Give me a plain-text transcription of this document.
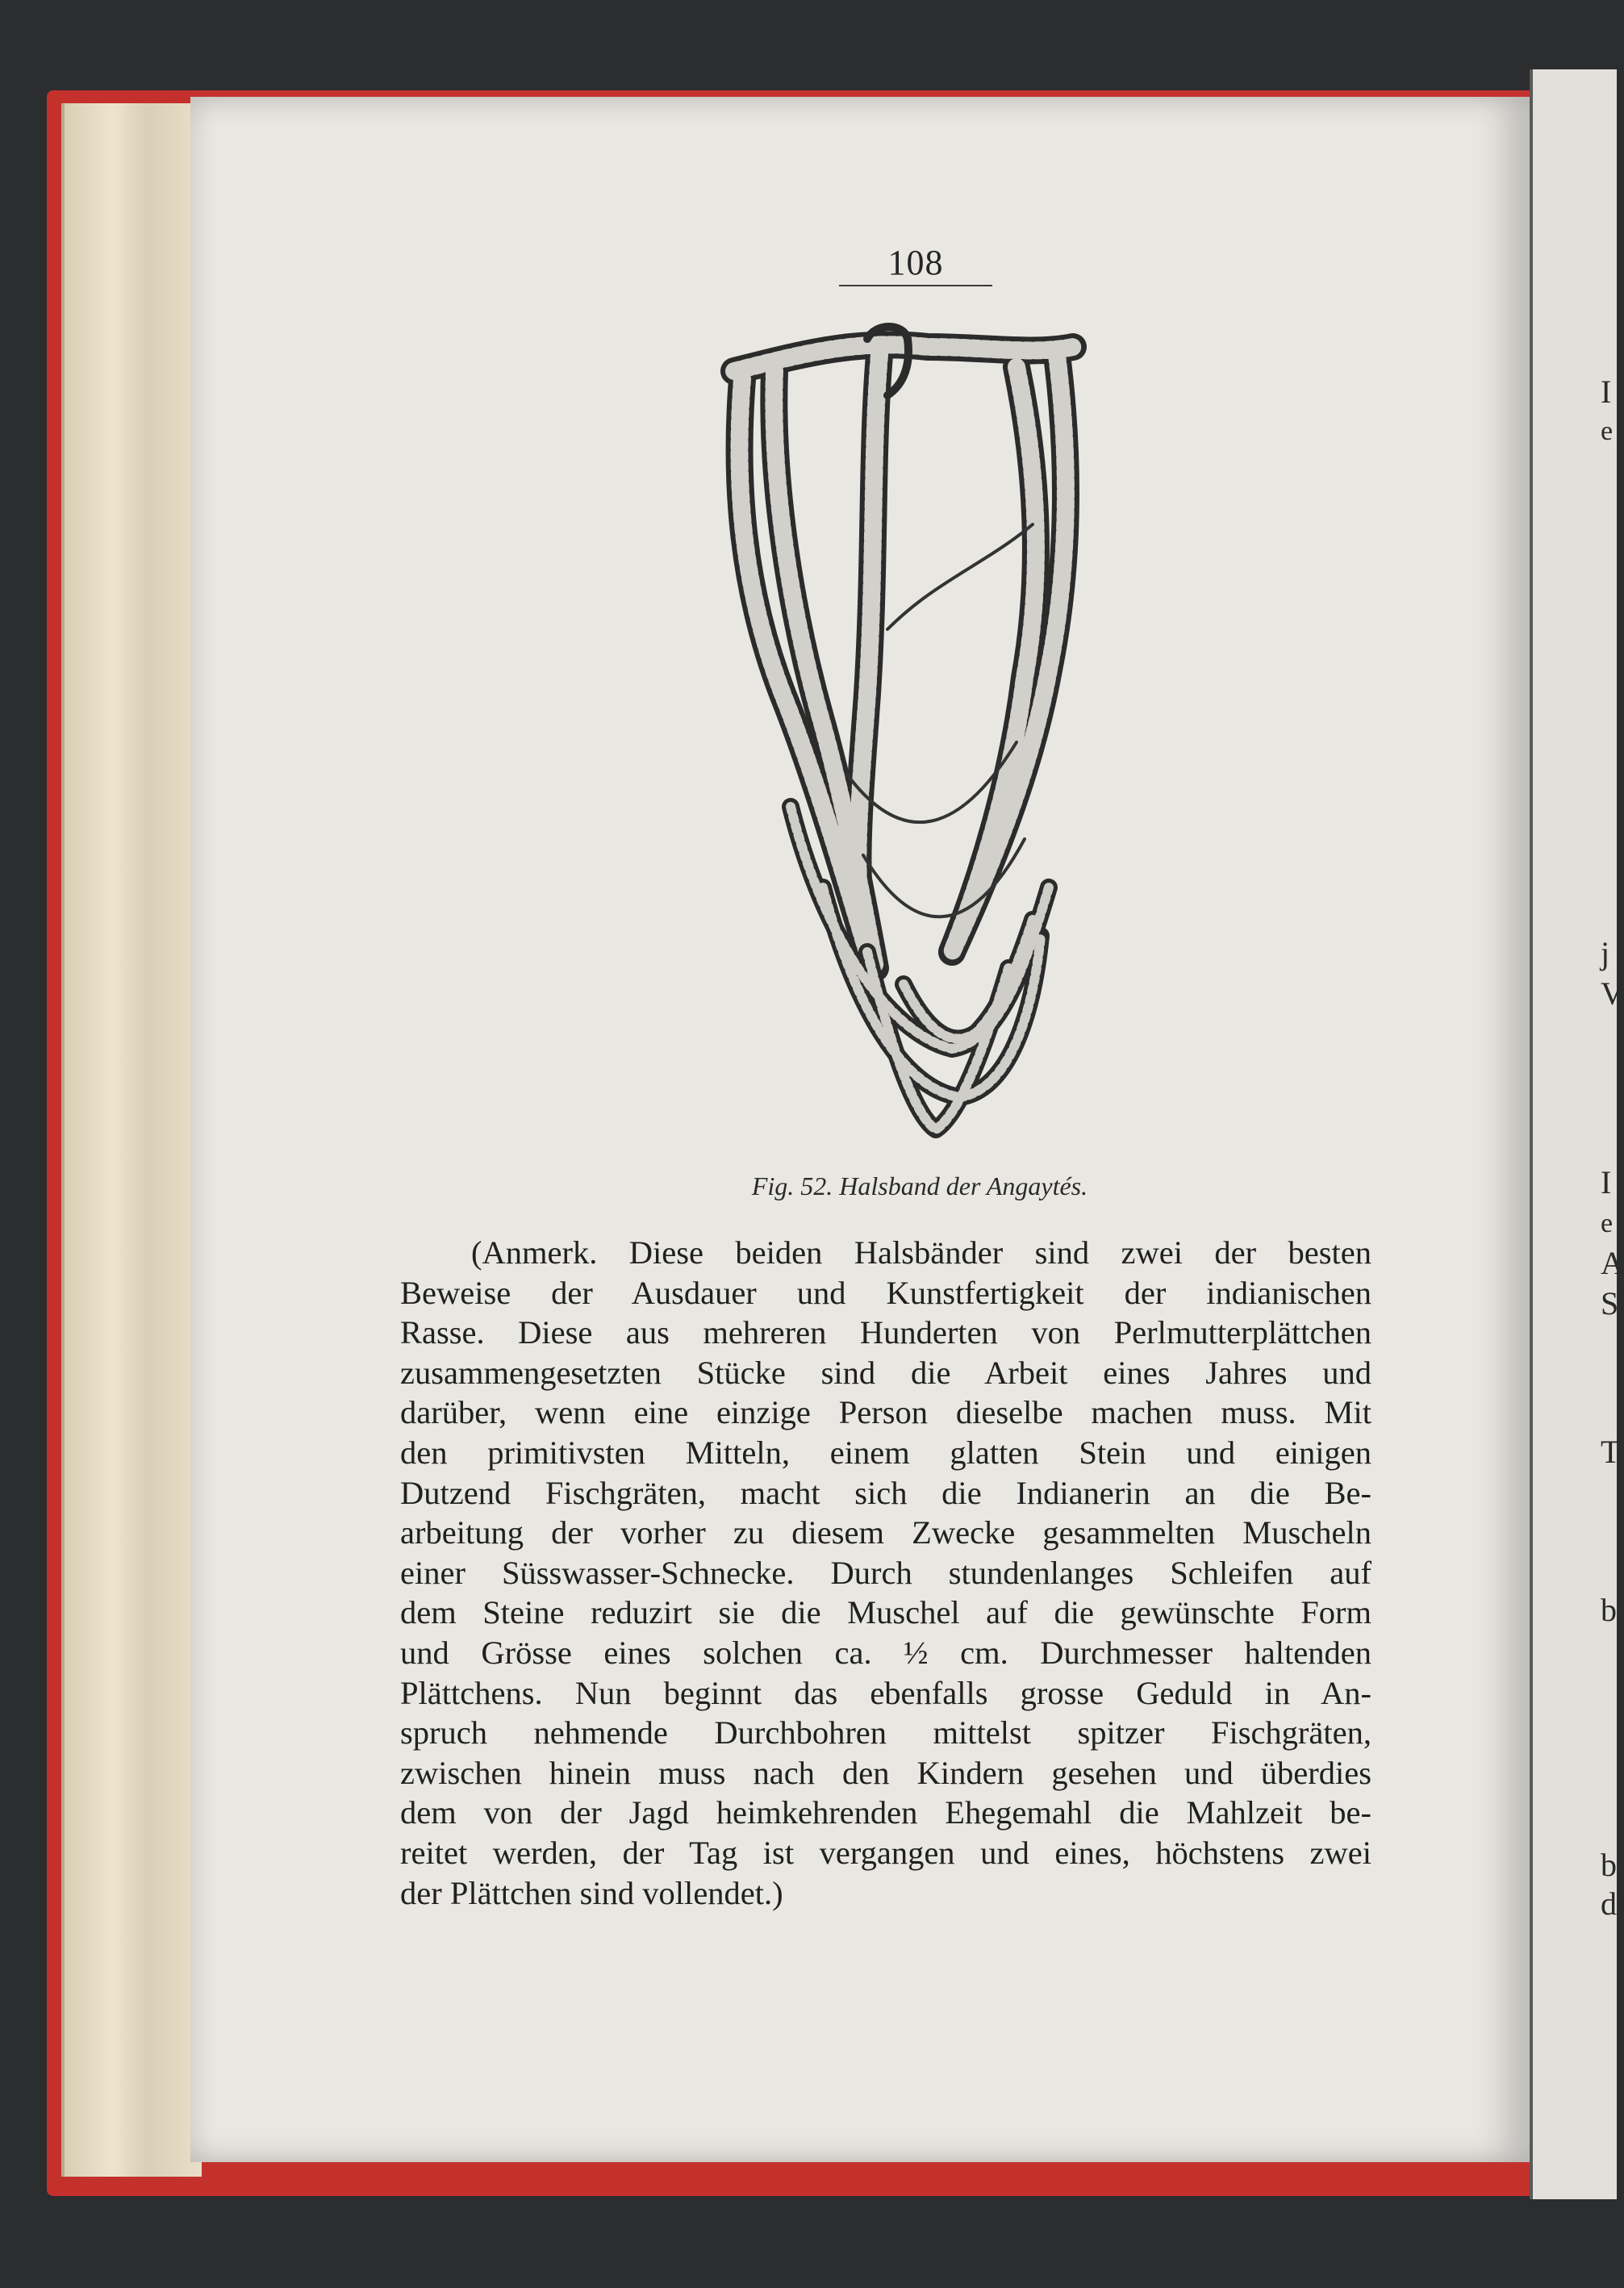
I
e
j
V
I
e
A
S
T
b
b
d
108
Fig. 52. Halsband der Angaytés.
(Anmerk. Diese beiden Halsbänder sind zwei der besten
Beweise der Ausdauer und Kunstfertigkeit der indianischen
Rasse. Diese aus mehreren Hunderten von Perlmutterplättchen
zusammengesetzten Stücke sind die Arbeit eines Jahres und
darüber, wenn eine einzige Person dieselbe machen muss. Mit
den primitivsten Mitteln, einem glatten Stein und einigen
Dutzend Fischgräten, macht sich die Indianerin an die Be-
arbeitung der vorher zu diesem Zwecke gesammelten Muscheln
einer Süsswasser-Schnecke. Durch stundenlanges Schleifen auf
dem Steine reduzirt sie die Muschel auf die gewünschte Form
und Grösse eines solchen ca. ½ cm. Durchmesser haltenden
Plättchens. Nun beginnt das ebenfalls grosse Geduld in An-
spruch nehmende Durchbohren mittelst spitzer Fischgräten,
zwischen hinein muss nach den Kindern gesehen und überdies
dem von der Jagd heimkehrenden Ehegemahl die Mahlzeit be-
reitet werden, der Tag ist vergangen und eines, höchstens zwei
der Plättchen sind vollendet.)
